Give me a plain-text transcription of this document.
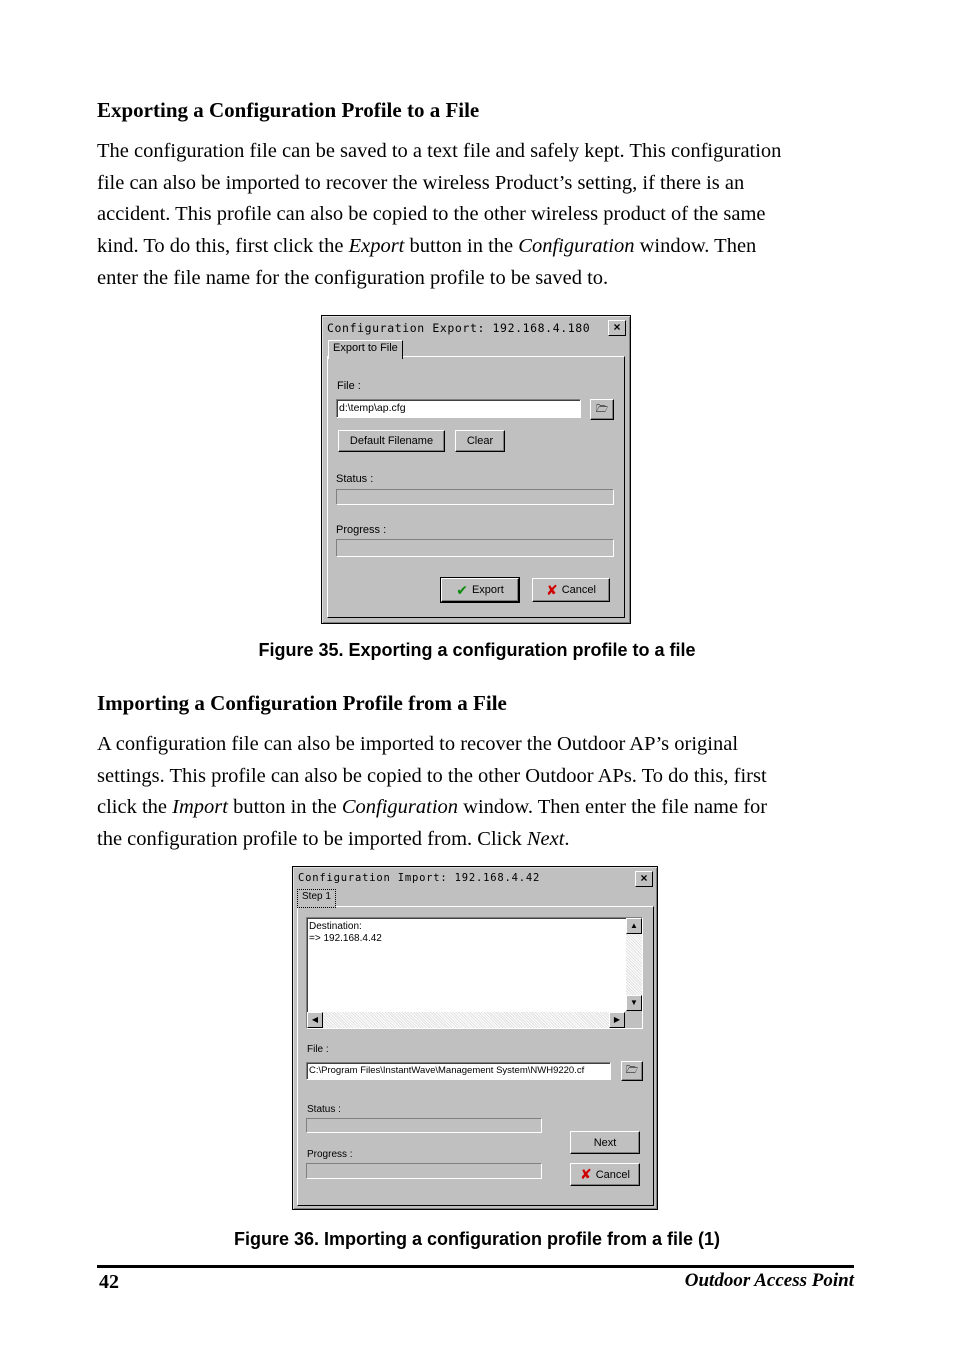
Exporting a Configuration Profile to a File
The configuration file can be saved to a text file and safely kept. This configuration
file can also be imported to recover the wireless Product’s setting, if there is an
accident. This profile can also be copied to the other wireless product of the same
kind. To do this, first click the Export button in the Configuration window. Then
enter the file name for the configuration profile to be saved to.
Configuration Export: 192.168.4.180	×
Export to File
File :
d:\temp\ap.cfg	🗁
Default Filename	Clear
Status :
Progress :
✔ Export	✘ Cancel
Figure 35. Exporting a configuration profile to a file
Importing a Configuration Profile from a File
A configuration file can also be imported to recover the Outdoor AP’s original
settings. This profile can also be copied to the other Outdoor APs. To do this, first
click the Import button in the Configuration window. Then enter the file name for
the configuration profile to be imported from. Click Next.
Configuration Import: 192.168.4.42	×
Step 1
Destination:
=> 192.168.4.42
▲
▼
◀	▶
File :
C:\Program Files\InstantWave\Management System\NWH9220.cf	🗁
Status :
Progress :
Next
✘ Cancel
Figure 36. Importing a configuration profile from a file (1)
42	Outdoor Access Point
